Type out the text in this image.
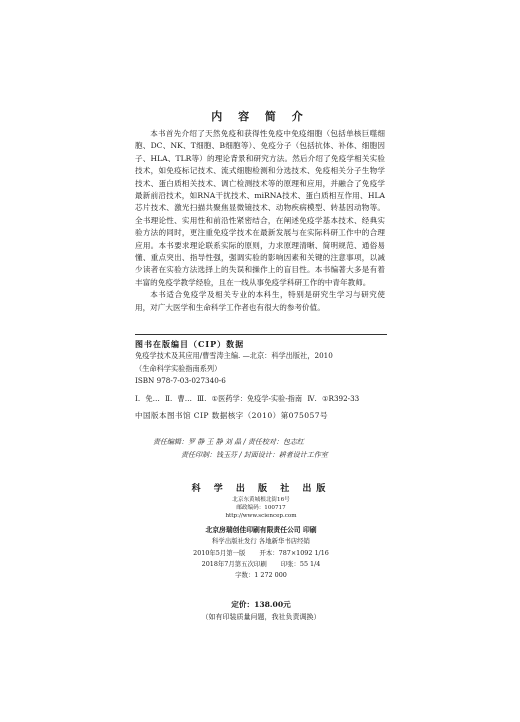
内 容 简 介

本书首先介绍了天然免疫和获得性免疫中免疫细胞（包括单核巨噬细胞、DC、NK、T细胞、B细胞等）、免疫分子（包括抗体、补体、细胞因子、HLA、TLR等）的理论背景和研究方法。然后介绍了免疫学相关实验技术，如免疫标记技术、流式细胞检测和分选技术、免疫相关分子生物学技术、蛋白质相关技术、调亡检测技术等的原理和应用，并融合了免疫学最新前沿技术，如RNA干扰技术、miRNA技术、蛋白质相互作用、HLA芯片技术、激光扫描共聚焦显微镜技术、动物疾病模型、转基因动物等。全书理论性、实用性和前沿性紧密结合，在阐述免疫学基本技术、经典实验方法的同时，更注重免疫学技术在最新发展与在实际科研工作中的合理应用。本书要求理论联系实际的原则，力求原理清晰、简明规范、通俗易懂、重点突出、指导性强，强调实验的影响因素和关键的注意事项，以减少读者在实验方法选择上的失误和操作上的盲目性。本书编著大多是有着丰富的免疫学教学经验，且在一线从事免疫学科研工作的中青年教师。

本书适合免疫学及相关专业的本科生，特别是研究生学习与研究使用，对广大医学和生命科学工作者也有很大的参考价值。

图书在版编目（CIP）数据
免疫学技术及其应用/曹雪涛主编. —北京：科学出版社，2010
（生命科学实验指南系列）
ISBN 978-7-03-027340-6
Ⅰ. 免… Ⅱ. 曹… Ⅲ. ①医药学：免疫学-实验-指南 Ⅳ. ①R392-33
中国版本图书馆 CIP 数据核字（2010）第075057号
责任编辑：罗 静 王 静 刘 晶 / 责任校对：包志红
责任印制：钱玉芬 / 封面设计：耕者设计工作室
科 学 出 版 社 出版
北京东黄城根北街16号
邮政编码：100717
http://www.sciencep.com
北京房瑞创佳印刷有限责任公司 印刷
科学出版社发行 各地新华书店经销
2010年5月第一版 开本：787×1092 1/16
2018年7月第五次印刷 印张：55 1/4
字数：1 272 000
定价：138.00元
（如有印装质量问题，我社负责调换）
